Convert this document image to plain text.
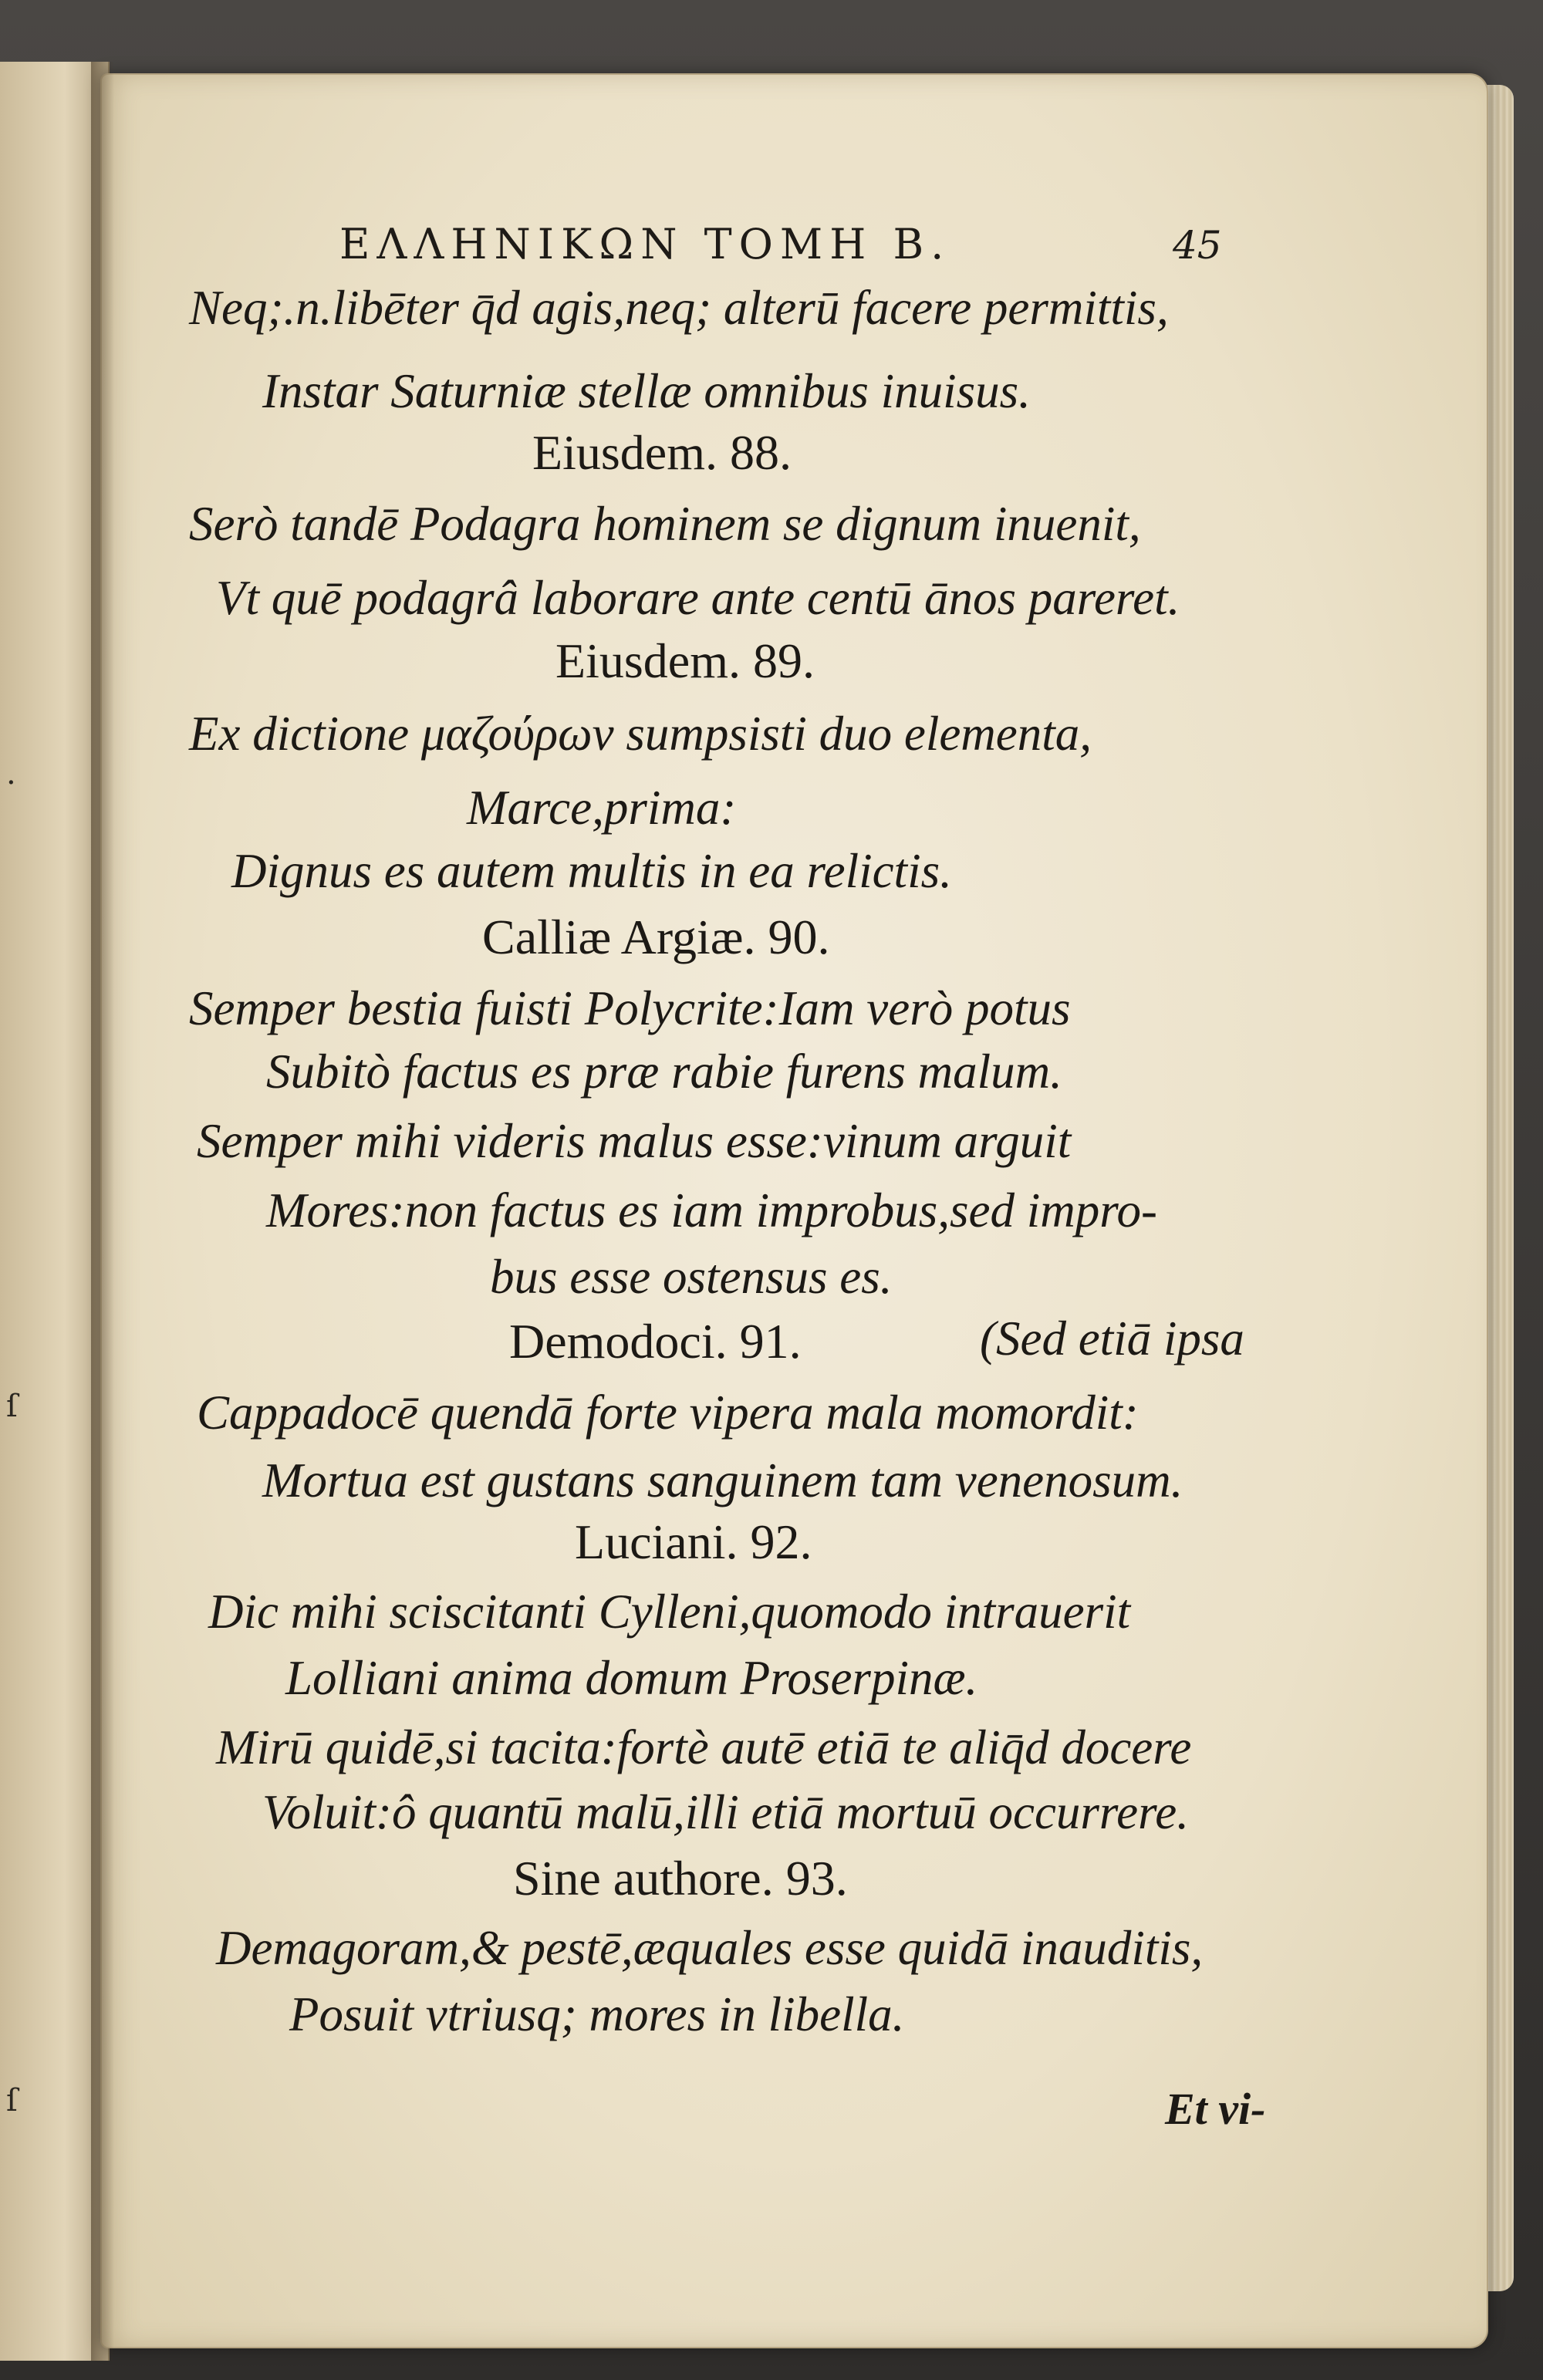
.
ſ
ſ
ΕΛΛΗΝΙΚΩΝ ΤΟΜΗ Β.	45
Neq;.n.libēter q̄d agis,neq; alterū facere permittis,
Instar Saturniæ stellæ omnibus inuisus.
Eiusdem. 88.
Serò tandē Podagra hominem se dignum inuenit,
Vt quē podagrâ laborare ante centū ānos pareret.
Eiusdem. 89.
Ex dictione μαζούρων sumpsisti duo elementa,
Marce,prima:
Dignus es autem multis in ea relictis.
Calliæ Argiæ. 90.
Semper bestia fuisti Polycrite:Iam verò potus
Subitò factus es præ rabie furens malum.
Semper mihi videris malus esse:vinum arguit
Mores:non factus es iam improbus,sed impro-
bus esse ostensus es.
Demodoci. 91.	(Sed etiā ipsa
Cappadocē quendā forte vipera mala momordit:
Mortua est gustans sanguinem tam venenosum.
Luciani. 92.
Dic mihi sciscitanti Cylleni,quomodo intrauerit
Lolliani anima domum Proserpinæ.
Mirū quidē,si tacita:fortè autē etiā te aliq̄d docere
Voluit:ô quantū malū,illi etiā mortuū occurrere.
Sine authore. 93.
Demagoram,& pestē,æquales esse quidā inauditis,
Posuit vtriusq; mores in libella.
Et vi-
